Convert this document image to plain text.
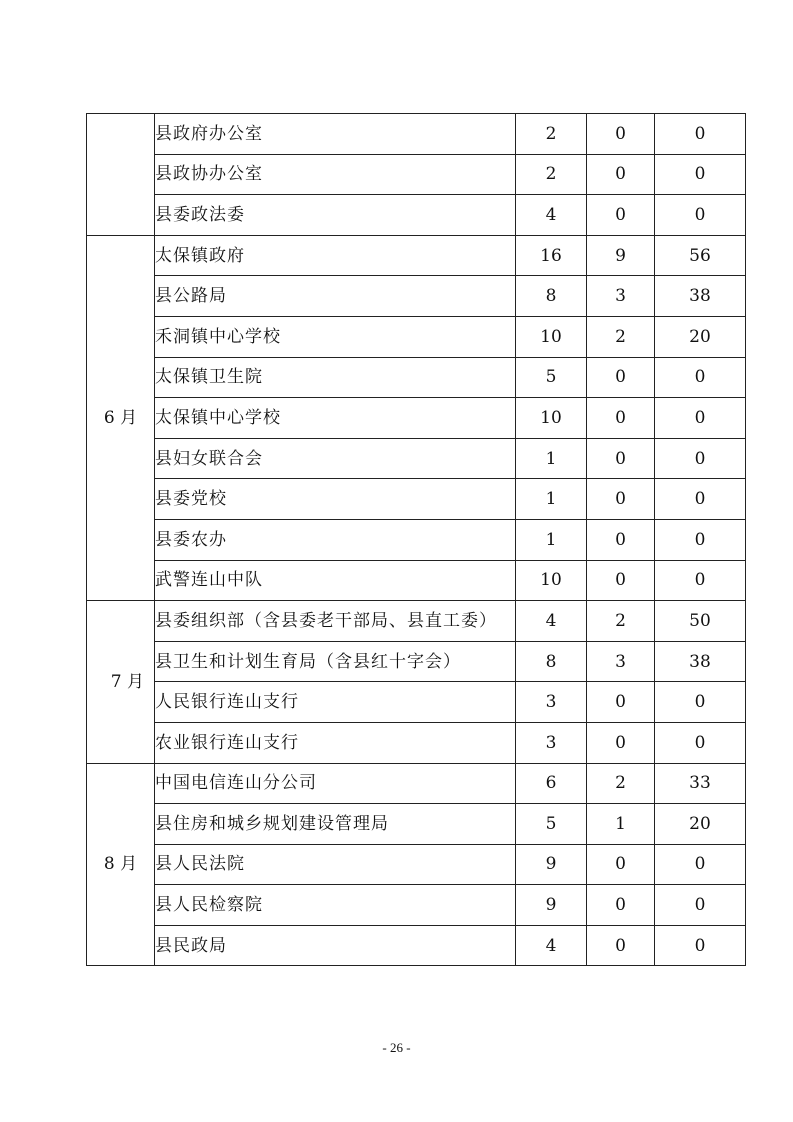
	县政府办公室	2	0	0
	县政协办公室	2	0	0
	县委政法委	4	0	0
6 月	太保镇政府	16	9	56
	县公路局	8	3	38
	禾洞镇中心学校	10	2	20
	太保镇卫生院	5	0	0
	太保镇中心学校	10	0	0
	县妇女联合会	1	0	0
	县委党校	1	0	0
	县委农办	1	0	0
	武警连山中队	10	0	0
7 月	县委组织部（含县委老干部局、县直工委）	4	2	50
	县卫生和计划生育局（含县红十字会）	8	3	38
	人民银行连山支行	3	0	0
	农业银行连山支行	3	0	0
8 月	中国电信连山分公司	6	2	33
	县住房和城乡规划建设管理局	5	1	20
	县人民法院	9	0	0
	县人民检察院	9	0	0
	县民政局	4	0	0
- 26 -
